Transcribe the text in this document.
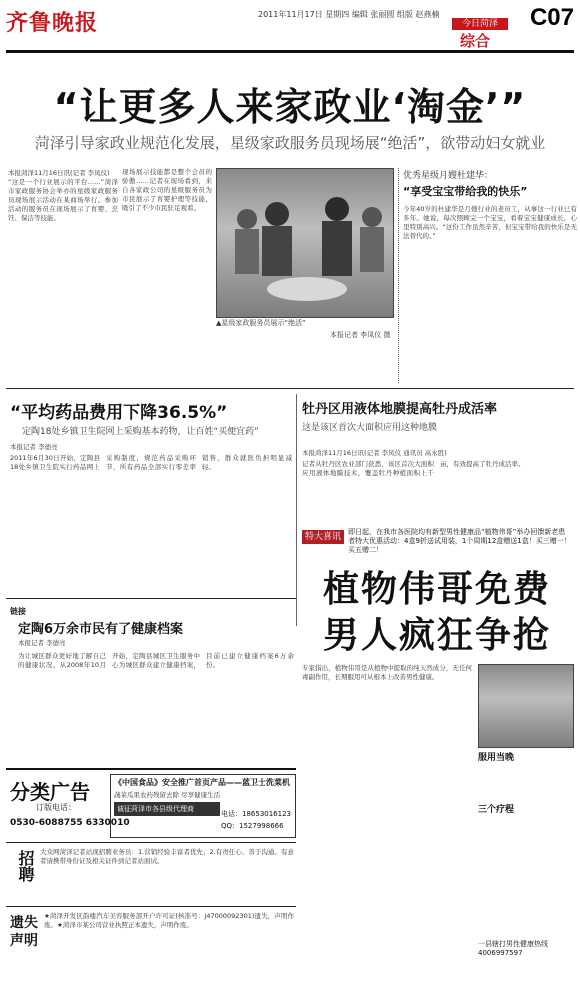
齐鲁晚报	2011年11月17日 星期四 编辑 张丽圆 组版 赵燕楠
今日菏泽
综合
C07
“让更多人来家政业‘淘金’”
菏泽引导家政业规范化发展，星级家政服务员现场展“绝活”，欲带动妇女就业
本报菏泽11月16日讯(记者 李凤仪)
“这是一个行业展示的平台……”菏泽市家政服务协会举办的星级家政服务员现场展示活动在某商场举行。参加活动的服务员在现场展示了育婴、烹饪、保洁等技能。
现场展示技能都是整个会员的骄傲……记者在现场看到，来自各家政公司的星级服务员为市民展示了育婴护理等技能，吸引了不少市民驻足观看。
▲星级家政服务员展示“绝活”
本报记者 李凤仪 摄
优秀星级月嫂杜建华：
“享受宝宝带给我的快乐”
今年40岁的杜建华是月嫂行业的老员工，从事这一行业已有多年。她说，每次照顾完一个宝宝，看着宝宝健康成长，心里特别高兴。“这份工作虽然辛苦，但宝宝带给我的快乐是无法替代的。”
“平均药品费用下降36.5%”
定陶18处乡镇卫生院网上采购基本药物，让百姓“买便宜药”
本报记者 李德亮
2011年6月30日开始，定陶县18处乡镇卫生院实行药品网上采购制度，规范药品采购环节，所有药品全部实行零差率销售，群众就医负担明显减轻。
牡丹区用液体地膜提高牡丹成活率
这是该区首次大面积应用这种地膜
本报菏泽11月16日讯(记者 李凤仪 通讯员 高永胜)
记者从牡丹区农业部门获悉，该区首次大面积应用液体地膜技术，覆盖牡丹种植面积上千亩，有效提高了牡丹成活率。
特大喜讯	即日起，在我市各医院均有新型男性健康品“植物伟哥”举办回馈新老患者特大优惠活动：4盒9折送试用装，1个周期12盒赠送1盒！买三赠一！买五赠二！
植物伟哥免费
男人疯狂争抢
专家指出，植物伟哥是从植物中提取的纯天然成分，无任何毒副作用，长期服用可从根本上改善男性健康。
服用当晚
三个疗程
一县辖打男性健康热线4006997597
链接
定陶6万余市民有了健康档案
本报记者 李德亮
为让城区群众更好地了解自己的健康状况，从2008年10月开始，定陶县城区卫生服务中心为城区群众建立健康档案，目前已建立健康档案6万余份。
分类广告
订版电话：
0530-6088755 6330010
《中国食品》安全推广首页产品——蓝卫士洗菜机
蔬菜瓜果农药残留去除 尽享健康生活
诚征菏泽市各县级代理商
电话：18653016123
QQ：1527998666
招聘 大众网菏泽记者站现招聘业务员：1.营销经验丰富者优先；2.有责任心、善于沟通。有意者请携带身份证及相关证件到记者站面试。
遗失声明
★菏泽开发区韵楼汽车美容服务部开户许可证(核准号：J47000092301)遗失，声明作废。★菏泽市某公司营业执照正本遗失，声明作废。
